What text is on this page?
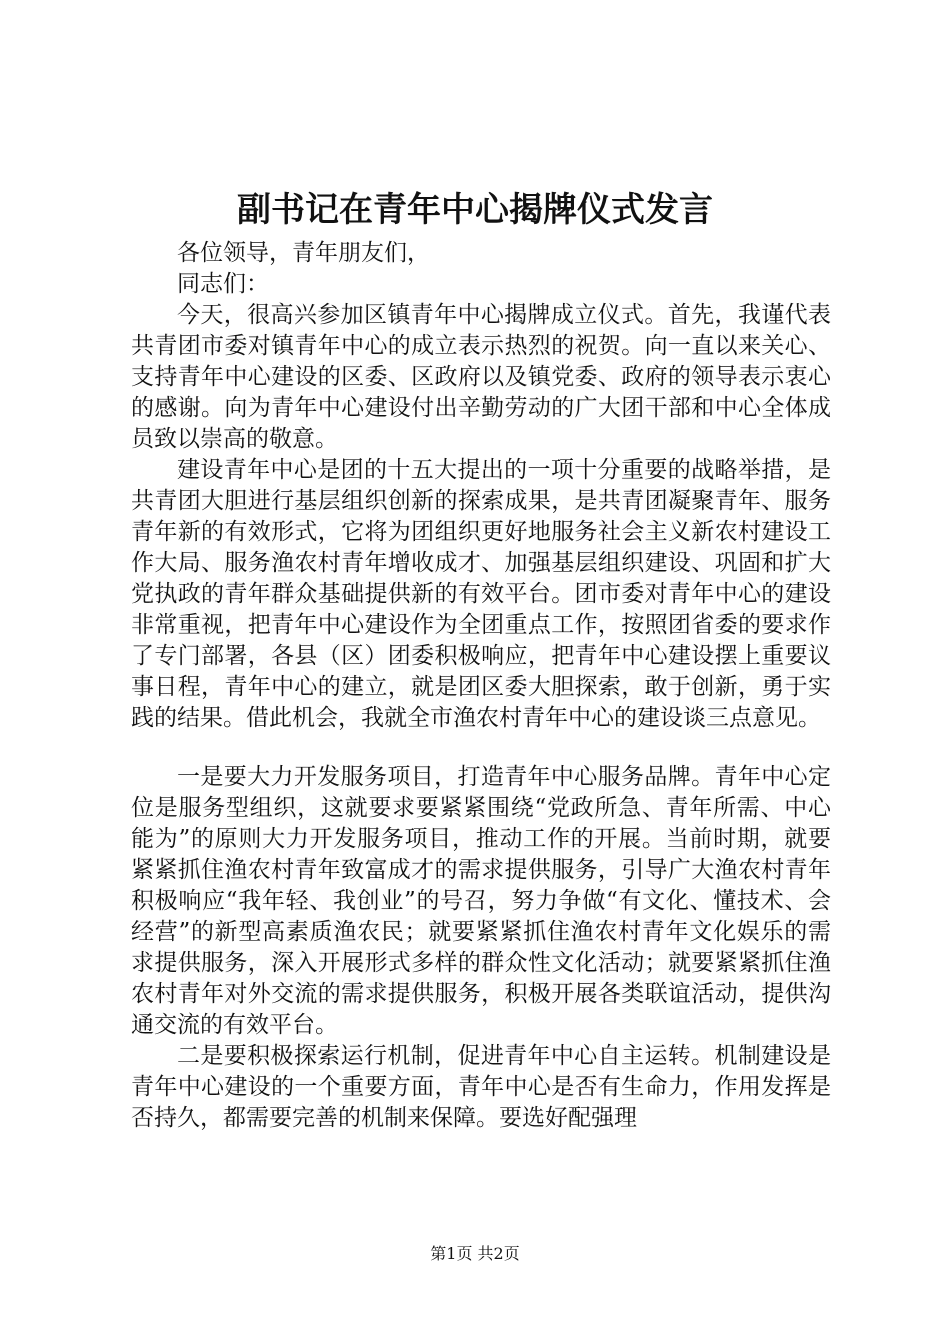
副书记在青年中心揭牌仪式发言

各位领导，青年朋友们，

同志们：

今天，很高兴参加区镇青年中心揭牌成立仪式。首先，我谨代表共青团市委对镇青年中心的成立表示热烈的祝贺。向一直以来关心、支持青年中心建设的区委、区政府以及镇党委、政府的领导表示衷心的感谢。向为青年中心建设付出辛勤劳动的广大团干部和中心全体成员致以崇高的敬意。

建设青年中心是团的十五大提出的一项十分重要的战略举措，是共青团大胆进行基层组织创新的探索成果，是共青团凝聚青年、服务青年新的有效形式，它将为团组织更好地服务社会主义新农村建设工作大局、服务渔农村青年增收成才、加强基层组织建设、巩固和扩大党执政的青年群众基础提供新的有效平台。团市委对青年中心的建设非常重视，把青年中心建设作为全团重点工作，按照团省委的要求作了专门部署，各县（区）团委积极响应，把青年中心建设摆上重要议事日程，青年中心的建立，就是团区委大胆探索，敢于创新，勇于实践的结果。借此机会，我就全市渔农村青年中心的建设谈三点意见。

一是要大力开发服务项目，打造青年中心服务品牌。青年中心定位是服务型组织，这就要求要紧紧围绕“党政所急、青年所需、中心能为”的原则大力开发服务项目，推动工作的开展。当前时期，就要紧紧抓住渔农村青年致富成才的需求提供服务，引导广大渔农村青年积极响应“我年轻、我创业”的号召，努力争做“有文化、懂技术、会经营”的新型高素质渔农民；就要紧紧抓住渔农村青年文化娱乐的需求提供服务，深入开展形式多样的群众性文化活动；就要紧紧抓住渔农村青年对外交流的需求提供服务，积极开展各类联谊活动，提供沟通交流的有效平台。

二是要积极探索运行机制，促进青年中心自主运转。机制建设是青年中心建设的一个重要方面，青年中心是否有生命力，作用发挥是否持久，都需要完善的机制来保障。要选好配强理

第1页 共2页
